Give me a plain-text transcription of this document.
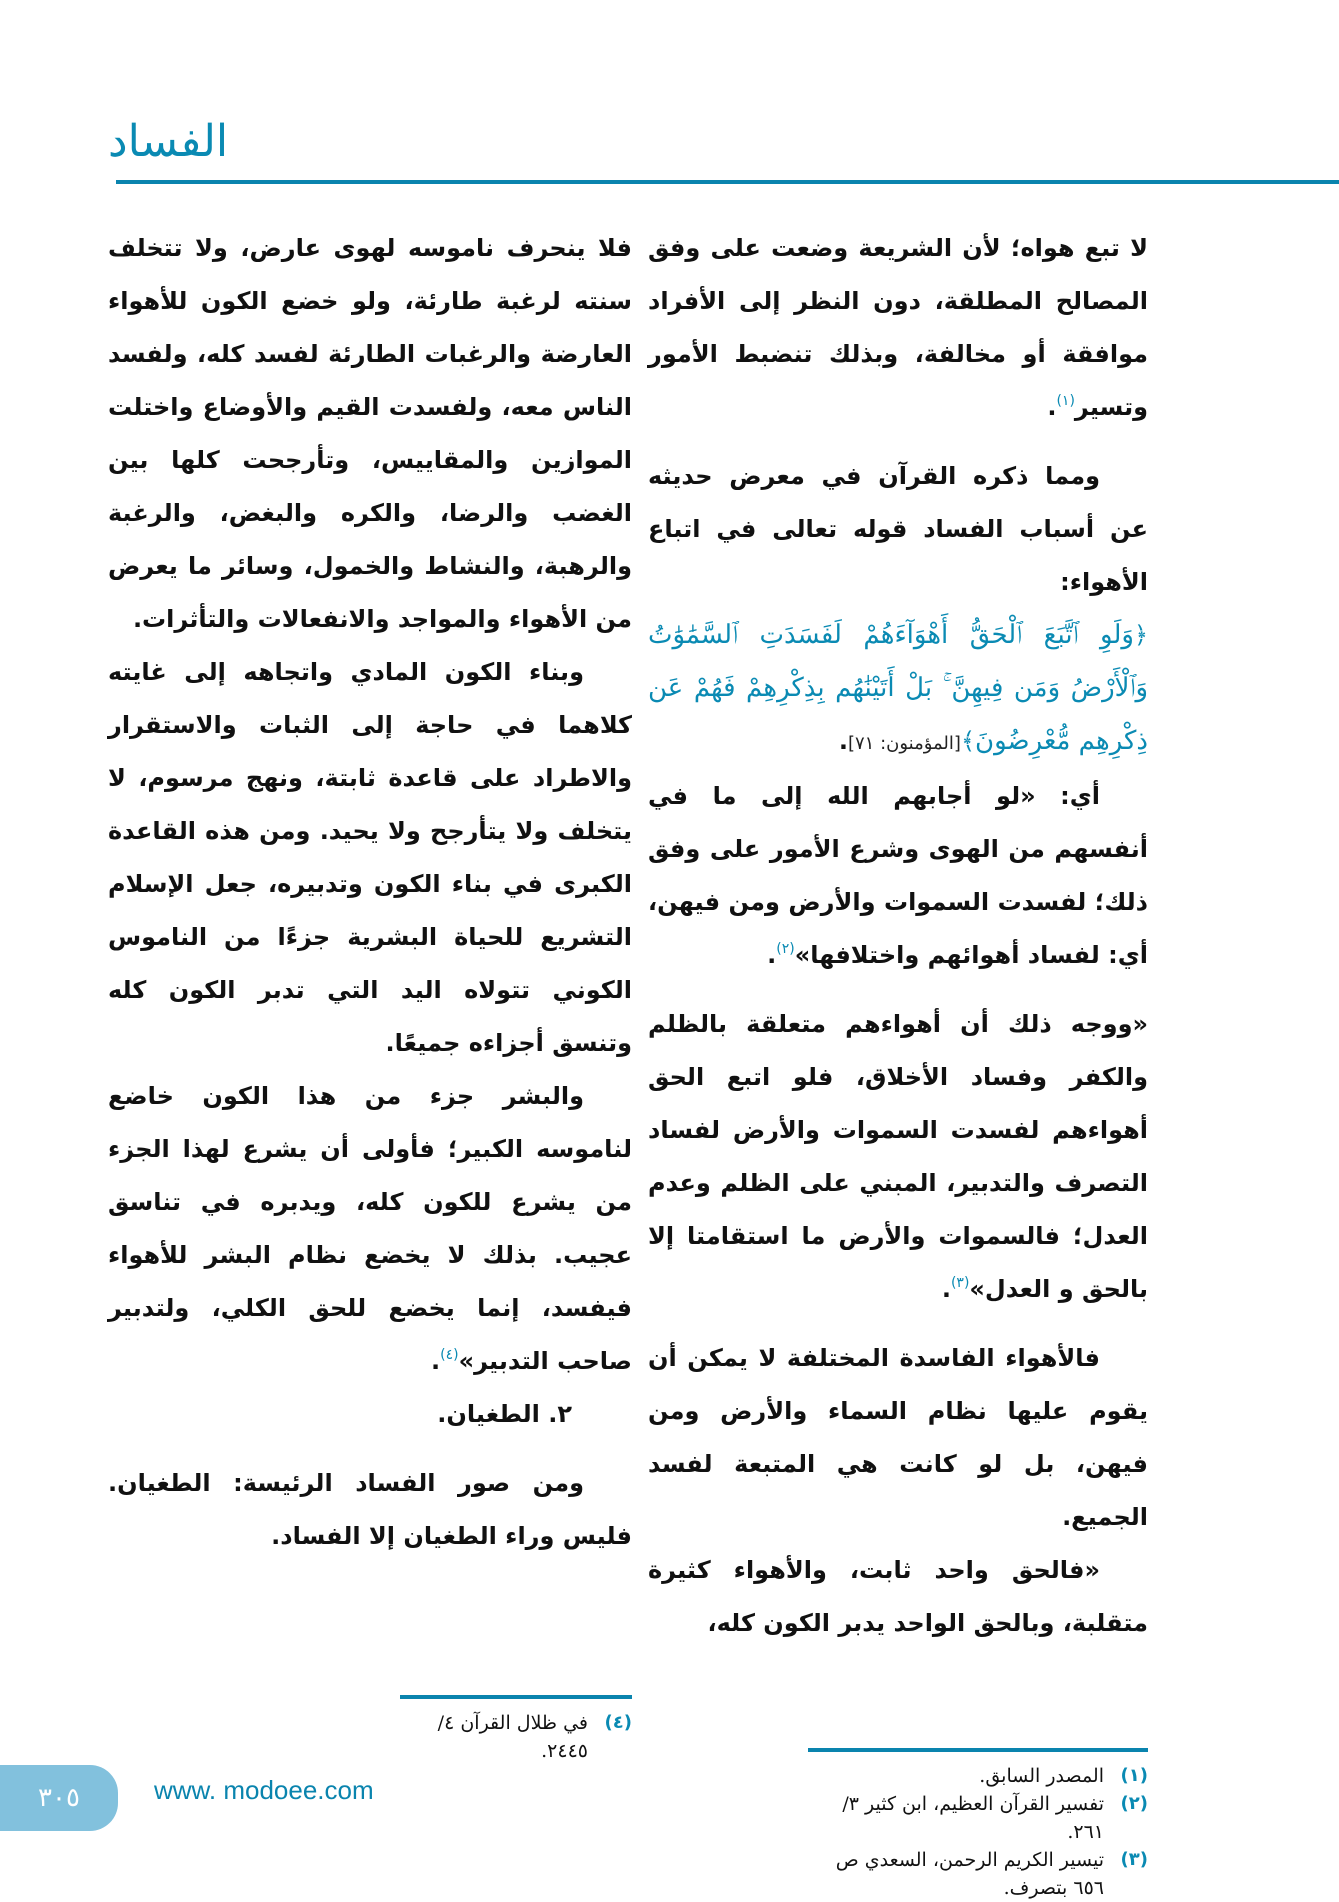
الفساد

لا تبع هواه؛ لأن الشريعة وضعت على وفق المصالح المطلقة، دون النظر إلى الأفراد موافقة أو مخالفة، وبذلك تنضبط الأمور وتسير$^{(١)}$.

ومما ذكره القرآن في معرض حديثه عن أسباب الفساد قوله تعالى في اتباع الأهواء:

﴿وَلَوِ ٱتَّبَعَ ٱلْحَقُّ أَهْوَآءَهُمْ لَفَسَدَتِ ٱلسَّمَٰوَٰتُ وَٱلْأَرْضُ وَمَن فِيهِنَّ ۚ بَلْ أَتَيْنَٰهُم بِذِكْرِهِمْ فَهُمْ عَن ذِكْرِهِم مُّعْرِضُونَ﴾[المؤمنون: ٧١].

أي: «لو أجابهم الله إلى ما في أنفسهم من الهوى وشرع الأمور على وفق ذلك؛ لفسدت السموات والأرض ومن فيهن، أي: لفساد أهوائهم واختلافها»$^{(٢)}$.

«ووجه ذلك أن أهواءهم متعلقة بالظلم والكفر وفساد الأخلاق، فلو اتبع الحق أهواءهم لفسدت السموات والأرض لفساد التصرف والتدبير، المبني على الظلم وعدم العدل؛ فالسموات والأرض ما استقامتا إلا بالحق و العدل»$^{(٣)}$.

فالأهواء الفاسدة المختلفة لا يمكن أن يقوم عليها نظام السماء والأرض ومن فيهن، بل لو كانت هي المتبعة لفسد الجميع.

«فالحق واحد ثابت، والأهواء كثيرة متقلبة، وبالحق الواحد يدبر الكون كله،

(١)
المصدر السابق.
(٢)
تفسير القرآن العظيم، ابن كثير ٣/ ٢٦١.
(٣)
تيسير الكريم الرحمن، السعدي ص ٦٥٦ بتصرف.

فلا ينحرف ناموسه لهوى عارض، ولا تتخلف سنته لرغبة طارئة، ولو خضع الكون للأهواء العارضة والرغبات الطارئة لفسد كله، ولفسد الناس معه، ولفسدت القيم والأوضاع واختلت الموازين والمقاييس، وتأرجحت كلها بين الغضب والرضا، والكره والبغض، والرغبة والرهبة، والنشاط والخمول، وسائر ما يعرض من الأهواء والمواجد والانفعالات والتأثرات.

وبناء الكون المادي واتجاهه إلى غايته كلاهما في حاجة إلى الثبات والاستقرار والاطراد على قاعدة ثابتة، ونهج مرسوم، لا يتخلف ولا يتأرجح ولا يحيد. ومن هذه القاعدة الكبرى في بناء الكون وتدبيره، جعل الإسلام التشريع للحياة البشرية جزءًا من الناموس الكوني تتولاه اليد التي تدبر الكون كله وتنسق أجزاءه جميعًا.

والبشر جزء من هذا الكون خاضع لناموسه الكبير؛ فأولى أن يشرع لهذا الجزء من يشرع للكون كله، ويدبره في تناسق عجيب. بذلك لا يخضع نظام البشر للأهواء فيفسد، إنما يخضع للحق الكلي، ولتدبير صاحب التدبير»$^{(٤)}$.

٢. الطغيان.

ومن صور الفساد الرئيسة: الطغيان. فليس وراء الطغيان إلا الفساد.

(٤)
في ظلال القرآن ٤/ ٢٤٤٥.
٣٠٥	www. modoee.com
